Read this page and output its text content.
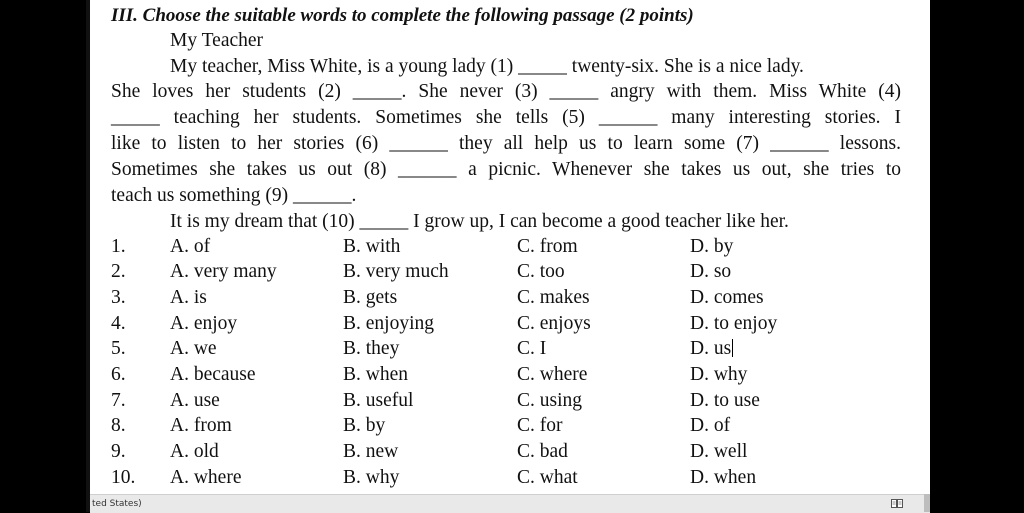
III. Choose the suitable words to complete the following passage (2 points)
My Teacher
My teacher, Miss White, is a young lady (1) _____ twenty-six. She is a nice lady.
She loves her students (2) _____. She never (3) _____ angry with them. Miss White (4)
_____ teaching her students. Sometimes she tells (5) ______ many interesting stories. I
like to listen to her stories (6) ______ they all help us to learn some (7) ______ lessons.
Sometimes she takes us out (8) ______ a picnic. Whenever she takes us out, she tries to
teach us something (9) ______.
It is my dream that (10) _____ I grow up, I can become a good teacher like her.
1. A. of	B. with	C. from	D. by
2. A. very many	B. very much	C. too	D. so
3. A. is	B. gets	C. makes	D. comes
4. A. enjoy	B. enjoying	C. enjoys	D. to enjoy
5. A. we	B. they	C. I	D. us
6. A. because	B. when	C. where	D. why
7. A. use	B. useful	C. using	D. to use
8. A. from	B. by	C. for	D. of
9. A. old	B. new	C. bad	D. well
10. A. where	B. why	C. what	D. when
ted States)
